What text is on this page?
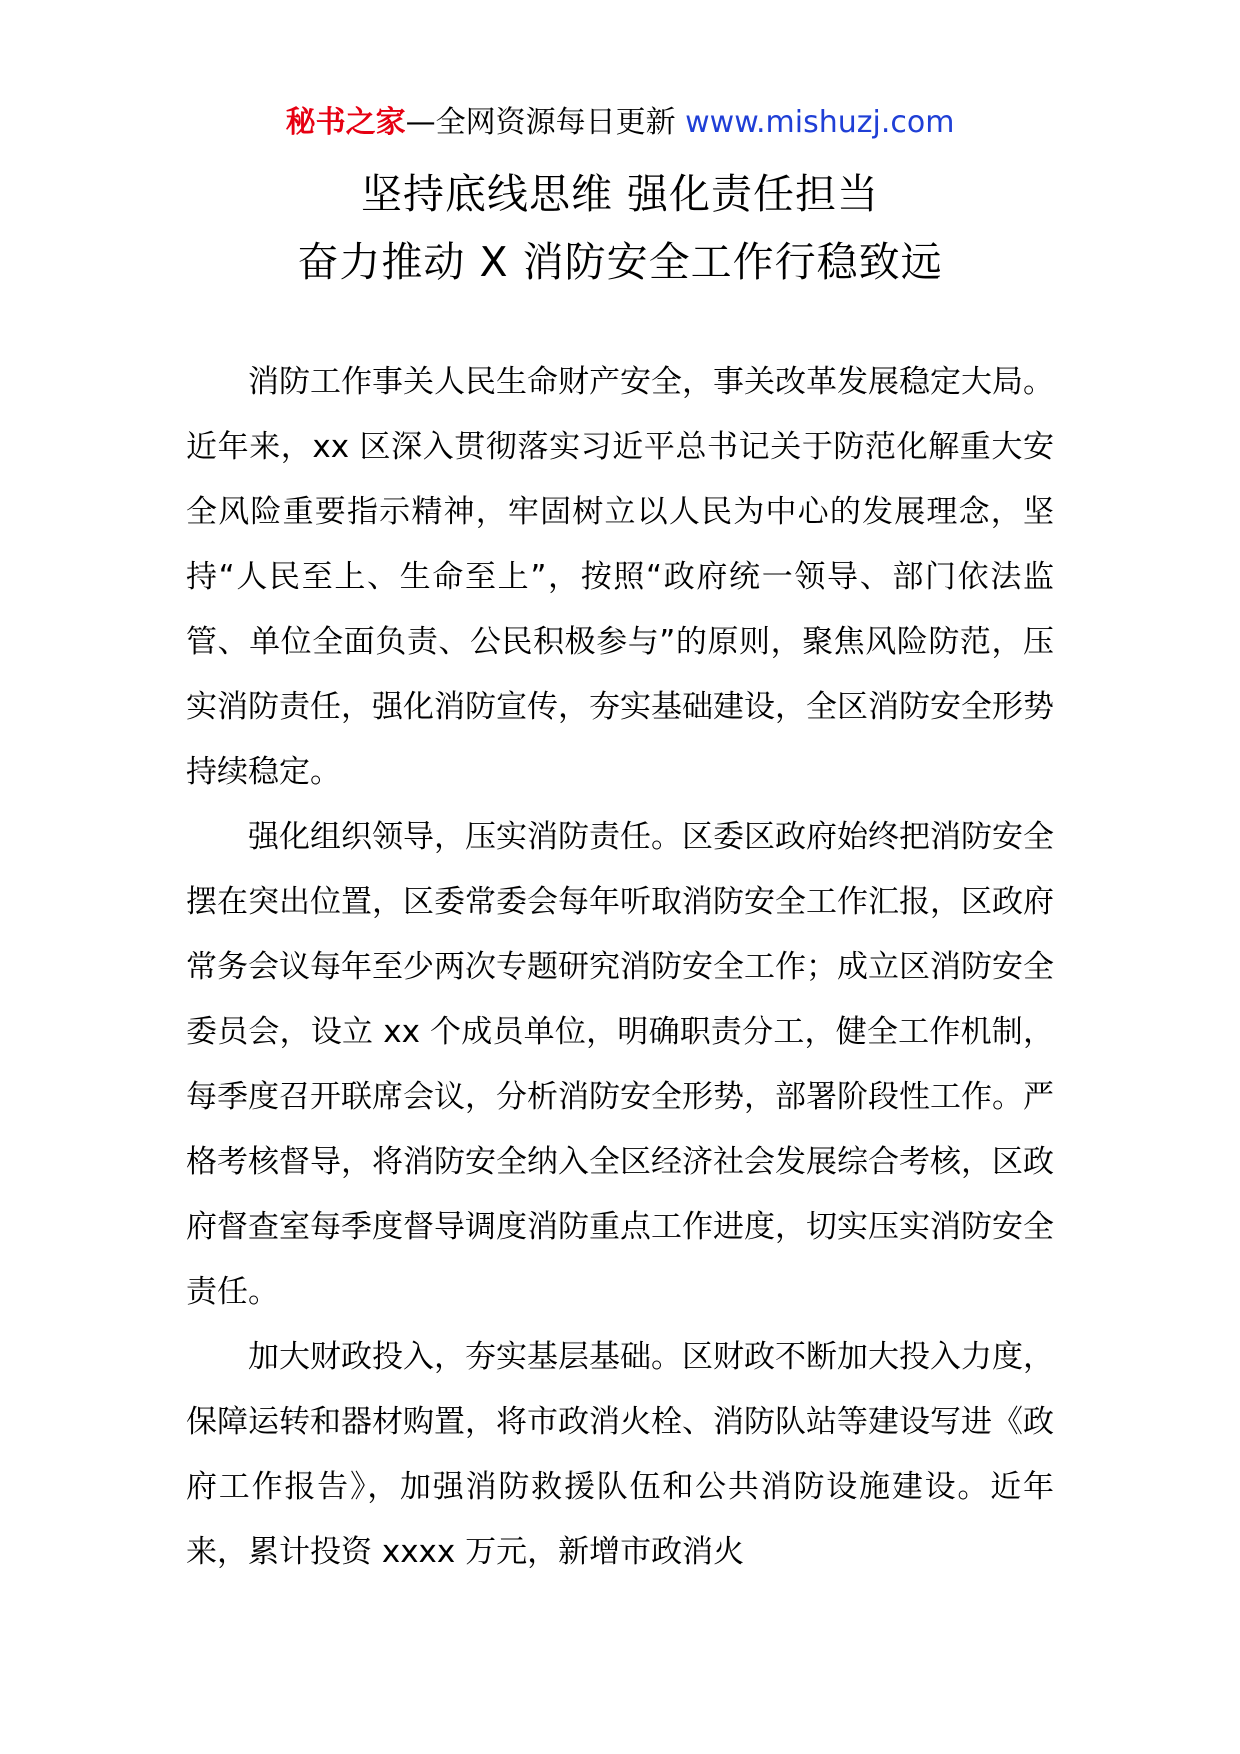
秘书之家—全网资源每日更新 www.mishuzj.com
坚持底线思维 强化责任担当
奋力推动 X 消防安全工作行稳致远

消防工作事关人民生命财产安全，事关改革发展稳定大局。近年来，xx 区深入贯彻落实习近平总书记关于防范化解重大安全风险重要指示精神，牢固树立以人民为中心的发展理念，坚持“人民至上、生命至上”，按照“政府统一领导、部门依法监管、单位全面负责、公民积极参与”的原则，聚焦风险防范，压实消防责任，强化消防宣传，夯实基础建设，全区消防安全形势持续稳定。

强化组织领导，压实消防责任。区委区政府始终把消防安全摆在突出位置，区委常委会每年听取消防安全工作汇报，区政府常务会议每年至少两次专题研究消防安全工作；成立区消防安全委员会，设立 xx 个成员单位，明确职责分工，健全工作机制，每季度召开联席会议，分析消防安全形势，部署阶段性工作。严格考核督导，将消防安全纳入全区经济社会发展综合考核，区政府督查室每季度督导调度消防重点工作进度，切实压实消防安全责任。

加大财政投入，夯实基层基础。区财政不断加大投入力度，保障运转和器材购置，将市政消火栓、消防队站等建设写进《政府工作报告》，加强消防救援队伍和公共消防设施建设。近年来，累计投资 xxxx 万元，新增市政消火
